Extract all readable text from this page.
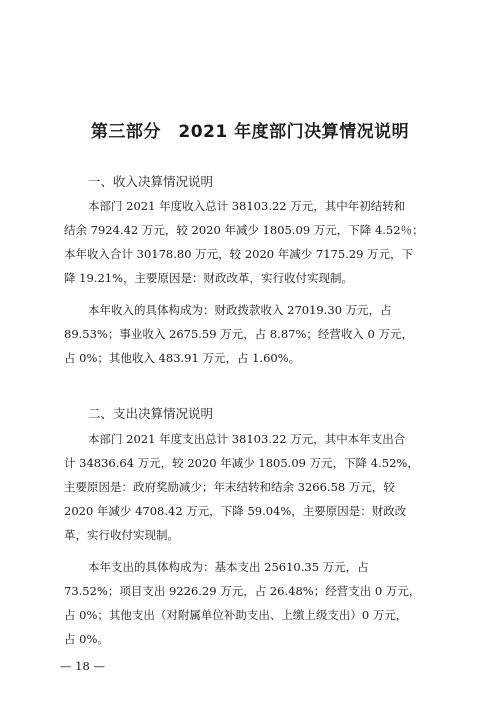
第三部分　2021 年度部门决算情况说明
一、收入决算情况说明
本部门 2021 年度收入总计 38103.22 万元，其中年初结转和
结余 7924.42 万元，较 2020 年减少 1805.09 万元，下降 4.52％；
本年收入合计 30178.80 万元，较 2020 年减少 7175.29 万元，下
降 19.21%，主要原因是：财政改革，实行收付实现制。
本年收入的具体构成为：财政拨款收入 27019.30 万元，占
89.53%；事业收入 2675.59 万元，占 8.87%；经营收入 0 万元，
占 0%；其他收入 483.91 万元，占 1.60%。
二、支出决算情况说明
本部门 2021 年度支出总计 38103.22 万元，其中本年支出合
计 34836.64 万元，较 2020 年减少 1805.09 万元，下降 4.52%，
主要原因是：政府奖励减少；年末结转和结余 3266.58 万元，较
2020 年减少 4708.42 万元，下降 59.04%，主要原因是：财政改
革，实行收付实现制。
本年支出的具体构成为：基本支出 25610.35 万元，占
73.52%；项目支出 9226.29 万元，占 26.48%；经营支出 0 万元，
占 0%；其他支出（对附属单位补助支出、上缴上级支出）0 万元，
占 0%。
— 18 —
